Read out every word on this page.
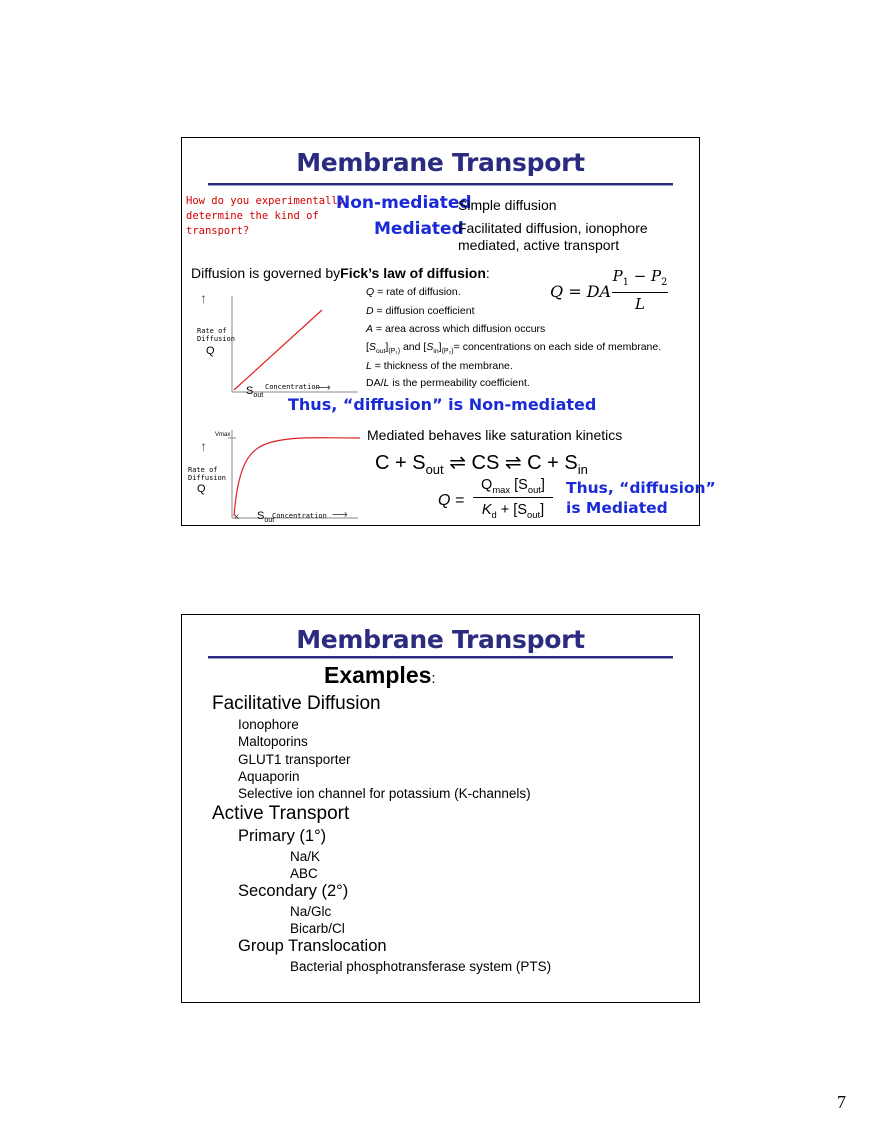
Membrane Transport
How do you experimentally
determine the kind of
transport?
Non-mediated
Simple diffusion
Mediated
Facilitated diffusion, ionophore
mediated, active transport
Diffusion is governed byFick’s law of diffusion:
Q = DA
$P_1 - P_2$
L
Q = rate of diffusion.
D = diffusion coefficient
A = area across which diffusion occurs
$[S_{out}]_{(P_1)}$ and $[S_{in}]_{(P_2)}=$ concentrations on each side of membrane.
L = thickness of the membrane.
DA/L is the permeability coefficient.
↑
Rate of
Diffusion
Q
$S_{out}$
Concentration
⟶
Thus, “diffusion” is Non-mediated
Vmax
↑
Rate of
Diffusion
Q
K $S_{out}$
Concentration ⟶
Mediated behaves like saturation kinetics
$C + S_{out}$ ⇌ CS ⇌ $C + S_{in}$
Q =
$Q_{max}$ $[S_{out}]$
$K_d + [S_{out}]$
Thus, “diffusion”
is Mediated
Membrane Transport
Examples:
Facilitative Diffusion
Ionophore
Maltoporins
GLUT1 transporter
Aquaporin
Selective ion channel for potassium (K-channels)
Active Transport
Primary (1°)
Na/K
ABC
Secondary (2°)
Na/Glc
Bicarb/Cl
Group Translocation
Bacterial phosphotransferase system (PTS)
7
